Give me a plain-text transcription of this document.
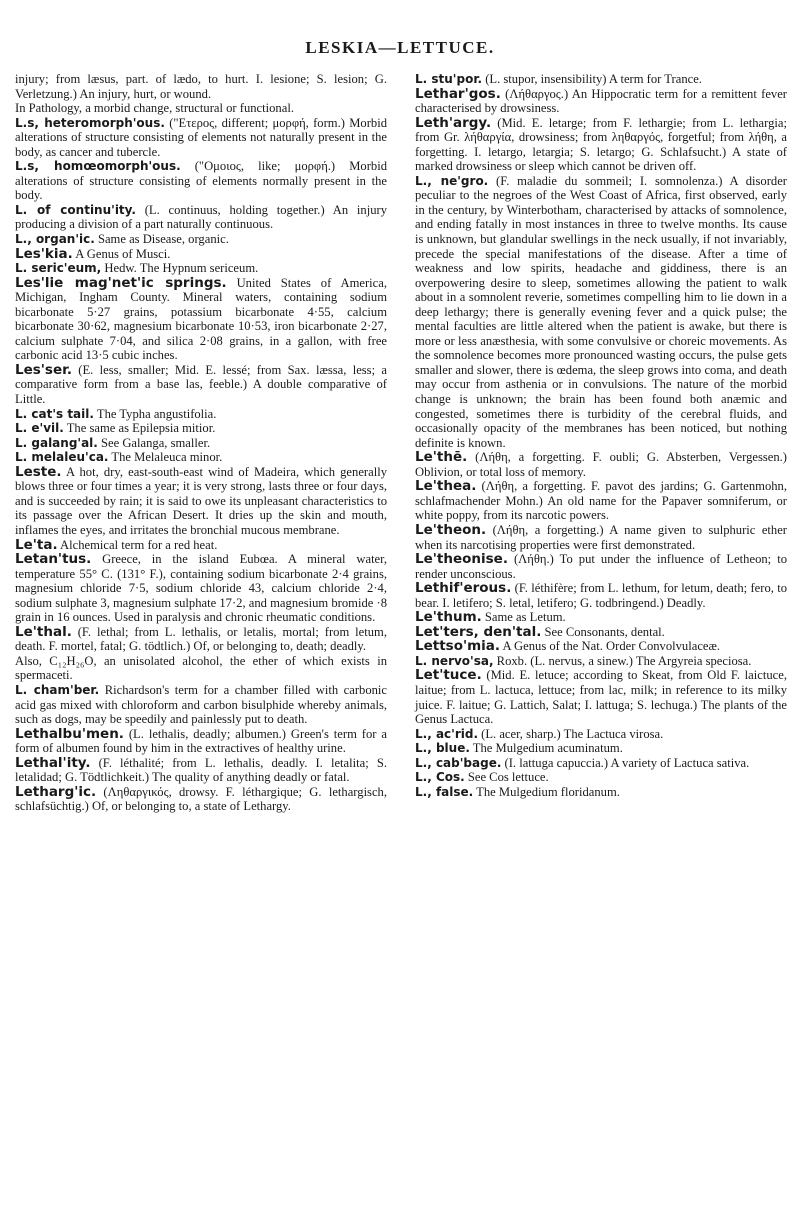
LESKIA—LETTUCE.

injury; from læsus, part. of lædo, to hurt. I. lesione; S. lesion; G. Verletzung.) An injury, hurt, or wound.

In Pathology, a morbid change, structural or functional.

L.s, heteromorph'ous. ("Ετερος, different; μορφή, form.) Morbid alterations of structure consisting of elements not naturally present in the body, as cancer and tubercle.

L.s, homœomorph'ous. ("Ομοιος, like; μορφή.) Morbid alterations of structure consisting of elements normally present in the body.

L. of continu'ity. (L. continuus, holding together.) An injury producing a division of a part naturally continuous.

L., organ'ic. Same as Disease, organic.

Les'kia. A Genus of Musci.

L. seric'eum, Hedw. The Hypnum sericeum.

Les'lie mag'net'ic springs. United States of America, Michigan, Ingham County. Mineral waters, containing sodium bicarbonate 5·27 grains, potassium bicarbonate 4·55, calcium bicarbonate 30·62, magnesium bicarbonate 10·53, iron bicarbonate 2·27, calcium sulphate 7·04, and silica 2·08 grains, in a gallon, with free carbonic acid 13·5 cubic inches.

Les'ser. (E. less, smaller; Mid. E. lessé; from Sax. læssa, less; a comparative form from a base las, feeble.) A double comparative of Little.

L. cat's tail. The Typha angustifolia.

L. e'vil. The same as Epilepsia mitior.

L. galang'al. See Galanga, smaller.

L. melaleu'ca. The Melaleuca minor.

Leste. A hot, dry, east-south-east wind of Madeira, which generally blows three or four times a year; it is very strong, lasts three or four days, and is succeeded by rain; it is said to owe its unpleasant characteristics to its passage over the African Desert. It dries up the skin and mouth, inflames the eyes, and irritates the bronchial mucous membrane.

Le'ta. Alchemical term for a red heat.

Letan'tus. Greece, in the island Eubœa. A mineral water, temperature 55° C. (131° F.), containing sodium bicarbonate 2·4 grains, magnesium chloride 7·5, sodium chloride 43, calcium chloride 2·4, sodium sulphate 3, magnesium sulphate 17·2, and magnesium bromide ·8 grain in 16 ounces. Used in paralysis and chronic rheumatic conditions.

Le'thal. (F. lethal; from L. lethalis, or letalis, mortal; from letum, death. F. mortel, fatal; G. tödtlich.) Of, or belonging to, death; deadly.

Also, C₁₂H₂₆O, an unisolated alcohol, the ether of which exists in spermaceti.

L. cham'ber. Richardson's term for a chamber filled with carbonic acid gas mixed with chloroform and carbon bisulphide whereby animals, such as dogs, may be speedily and painlessly put to death.

Lethalbu'men. (L. lethalis, deadly; albumen.) Green's term for a form of albumen found by him in the extractives of healthy urine.

Lethal'ity. (F. léthalité; from L. lethalis, deadly. I. letalita; S. letalidad; G. Tödtlichkeit.) The quality of anything deadly or fatal.

Letharg'ic. (Ληθαργικός, drowsy. F. léthargique; G. lethargisch, schlafsüchtig.) Of, or belonging to, a state of Lethargy.

L. stu'por. (L. stupor, insensibility) A term for Trance.

Lethar'gos. (Λήθαργος.) An Hippocratic term for a remittent fever characterised by drowsiness.

Leth'argy. (Mid. E. letarge; from F. lethargie; from L. lethargia; from Gr. λήθαργία, drowsiness; from ληθαργός, forgetful; from λήθη, a forgetting. I. letargo, letargia; S. letargo; G. Schlafsucht.) A state of marked drowsiness or sleep which cannot be driven off.

L., ne'gro. (F. maladie du sommeil; I. somnolenza.) A disorder peculiar to the negroes of the West Coast of Africa, first observed, early in the century, by Winterbotham, characterised by attacks of somnolence, and ending fatally in most instances in three to twelve months. Its cause is unknown, but glandular swellings in the neck usually, if not invariably, precede the special manifestations of the disease. After a time of weakness and low spirits, headache and giddiness, there is an overpowering desire to sleep, sometimes allowing the patient to walk about in a somnolent reverie, sometimes compelling him to lie down in a deep lethargy; there is generally evening fever and a quick pulse; the mental faculties are little altered when the patient is awake, but there is more or less anæsthesia, with some convulsive or choreic movements. As the somnolence becomes more pronounced wasting occurs, the pulse gets smaller and slower, there is œdema, the sleep grows into coma, and death may occur from asthenia or in convulsions. The nature of the morbid change is unknown; the brain has been found both anæmic and congested, sometimes there is turbidity of the cerebral fluids, and occasionally opacity of the membranes has been noticed, but nothing definite is known.

Le'thē. (Λήθη, a forgetting. F. oubli; G. Absterben, Vergessen.) Oblivion, or total loss of memory.

Le'thea. (Λήθη, a forgetting. F. pavot des jardins; G. Gartenmohn, schlafmachender Mohn.) An old name for the Papaver somniferum, or white poppy, from its narcotic powers.

Le'theon. (Λήθη, a forgetting.) A name given to sulphuric ether when its narcotising properties were first demonstrated.

Le'theonise. (Λήθη.) To put under the influence of Letheon; to render unconscious.

Lethif'erous. (F. léthifère; from L. lethum, for letum, death; fero, to bear. I. letifero; S. letal, letifero; G. todbringend.) Deadly.

Le'thum. Same as Letum.

Let'ters, den'tal. See Consonants, dental.

Lettso'mia. A Genus of the Nat. Order Convolvulaceæ.

L. nervo'sa, Roxb. (L. nervus, a sinew.) The Argyreia speciosa.

Let'tuce. (Mid. E. letuce; according to Skeat, from Old F. laictuce, laitue; from L. lactuca, lettuce; from lac, milk; in reference to its milky juice. F. laitue; G. Lattich, Salat; I. lattuga; S. lechuga.) The plants of the Genus Lactuca.

L., ac'rid. (L. acer, sharp.) The Lactuca virosa.

L., blue. The Mulgedium acuminatum.

L., cab'bage. (I. lattuga capuccia.) A variety of Lactuca sativa.

L., Cos. See Cos lettuce.

L., false. The Mulgedium floridanum.
